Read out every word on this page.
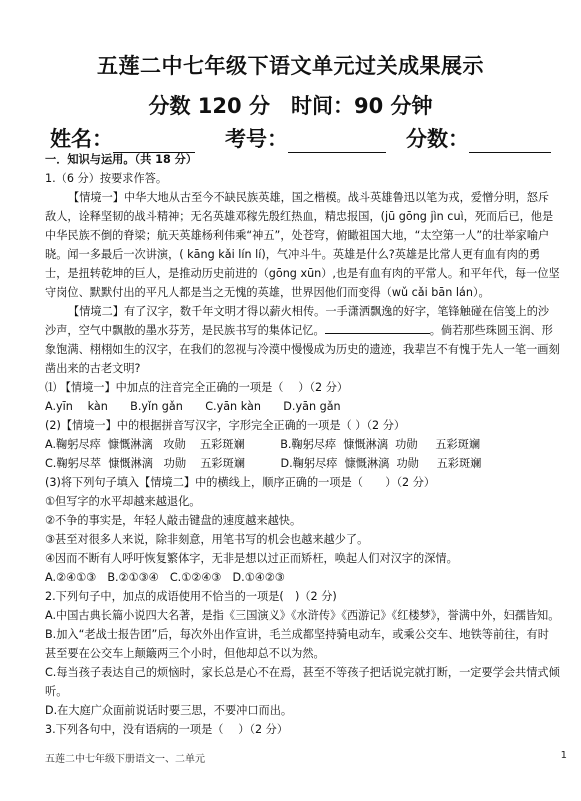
五莲二中七年级下语文单元过关成果展示
分数 120 分　时间：90 分钟
姓名：	考号：	分数：

一．知识与运用。（共 18 分）

1.（6 分）按要求作答。

【情境一】中华大地从古至今不缺民族英雄，国之楷模。战斗英雄鲁迅以笔为戎，爱憎分明，怒斥敌人，诠释坚韧的战斗精神；无名英雄邓稼先殷红热血，精忠报国，(jū gōng jìn cuì，死而后已，他是中华民族不倒的脊梁；航天英雄杨利伟乘“神五”，处苍穹，俯瞰祖国大地，“太空第一人”的壮举家喻户晓。闻一多最后一次讲演，( kāng kǎi lín lí)，气冲斗牛。英雄是什么?英雄是比常人更有血有肉的勇士，是扭转乾坤的巨人，是推动历史前进的（gōng xūn）,也是有血有肉的平常人。和平年代，每一位坚守岗位、默默付出的平凡人都是当之无愧的英雄，世界因他们而变得（wǔ cǎi bān lán）。

【情境二】有了汉字，数千年文明才得以薪火相传。一手潇洒飘逸的好字，笔锋触碰在信笺上的沙沙声，空气中飘散的墨水芬芳，是民族书写的集体记忆。	。倘若那些珠圆玉润、形象饱满、栩栩如生的汉字，在我们的忽视与冷漠中慢慢成为历史的遗迹，我辈岂不有愧于先人一笔一画刻凿出来的古老文明?

⑴ 【情境一】中加点的注音完全正确的一项是（　 ）（2 分）

A.yīn　 kàn　　B.yǐn gǎn　　C.yān kàn　　D.yān gǎn

(2)【情境一】中的根据拼音写汉字，字形完全正确的一项是（ ）（2 分）

A.鞠躬尽瘁  慷慨淋漓   攻勋    五彩斑斓          B.鞠躬尽瘁  慷慨淋漓  功勋     五彩斑斓

C.鞠躬尽萃  慷慨淋漓   功勋    五彩斑斓          D.鞠躬尽瘁  慷慨淋漓  功勋     五彩斑斓

(3)将下列句子填入【情境二】中的横线上，顺序正确的一项是（　　）（2 分）

①但写字的水平却越来越退化。

②不争的事实是，年轻人敲击键盘的速度越来越快。

③甚至对很多人来说，除非刻意，用笔书写的机会也越来越少了。

④因而不断有人呼吁恢复繁体字，无非是想以过正而矫枉，唤起人们对汉字的深情。

A.②④①③　B.②①③④　C.①②④③　D.①④②③

2.下列句子中，加点的成语使用不恰当的一项是(　)（2 分)

A.中国古典长篇小说四大名著，是指《三国演义》《水浒传》《西游记》《红楼梦》，誉满中外，妇孺皆知。

B.加入“老战士报告团”后，每次外出作宣讲，毛兰成都坚持骑电动车，或乘公交车、地铁等前往，有时甚至要在公交车上颠簸两三个小时，但他却总不以为然。

C.每当孩子表达自己的烦恼时，家长总是心不在焉，甚至不等孩子把话说完就打断，一定要学会共情式倾听。

D.在大庭广众面前说话时要三思，不要冲口而出。

3.下列各句中，没有语病的一项是（　 ）（2 分）

五莲二中七年级下册语文一、二单元	1
